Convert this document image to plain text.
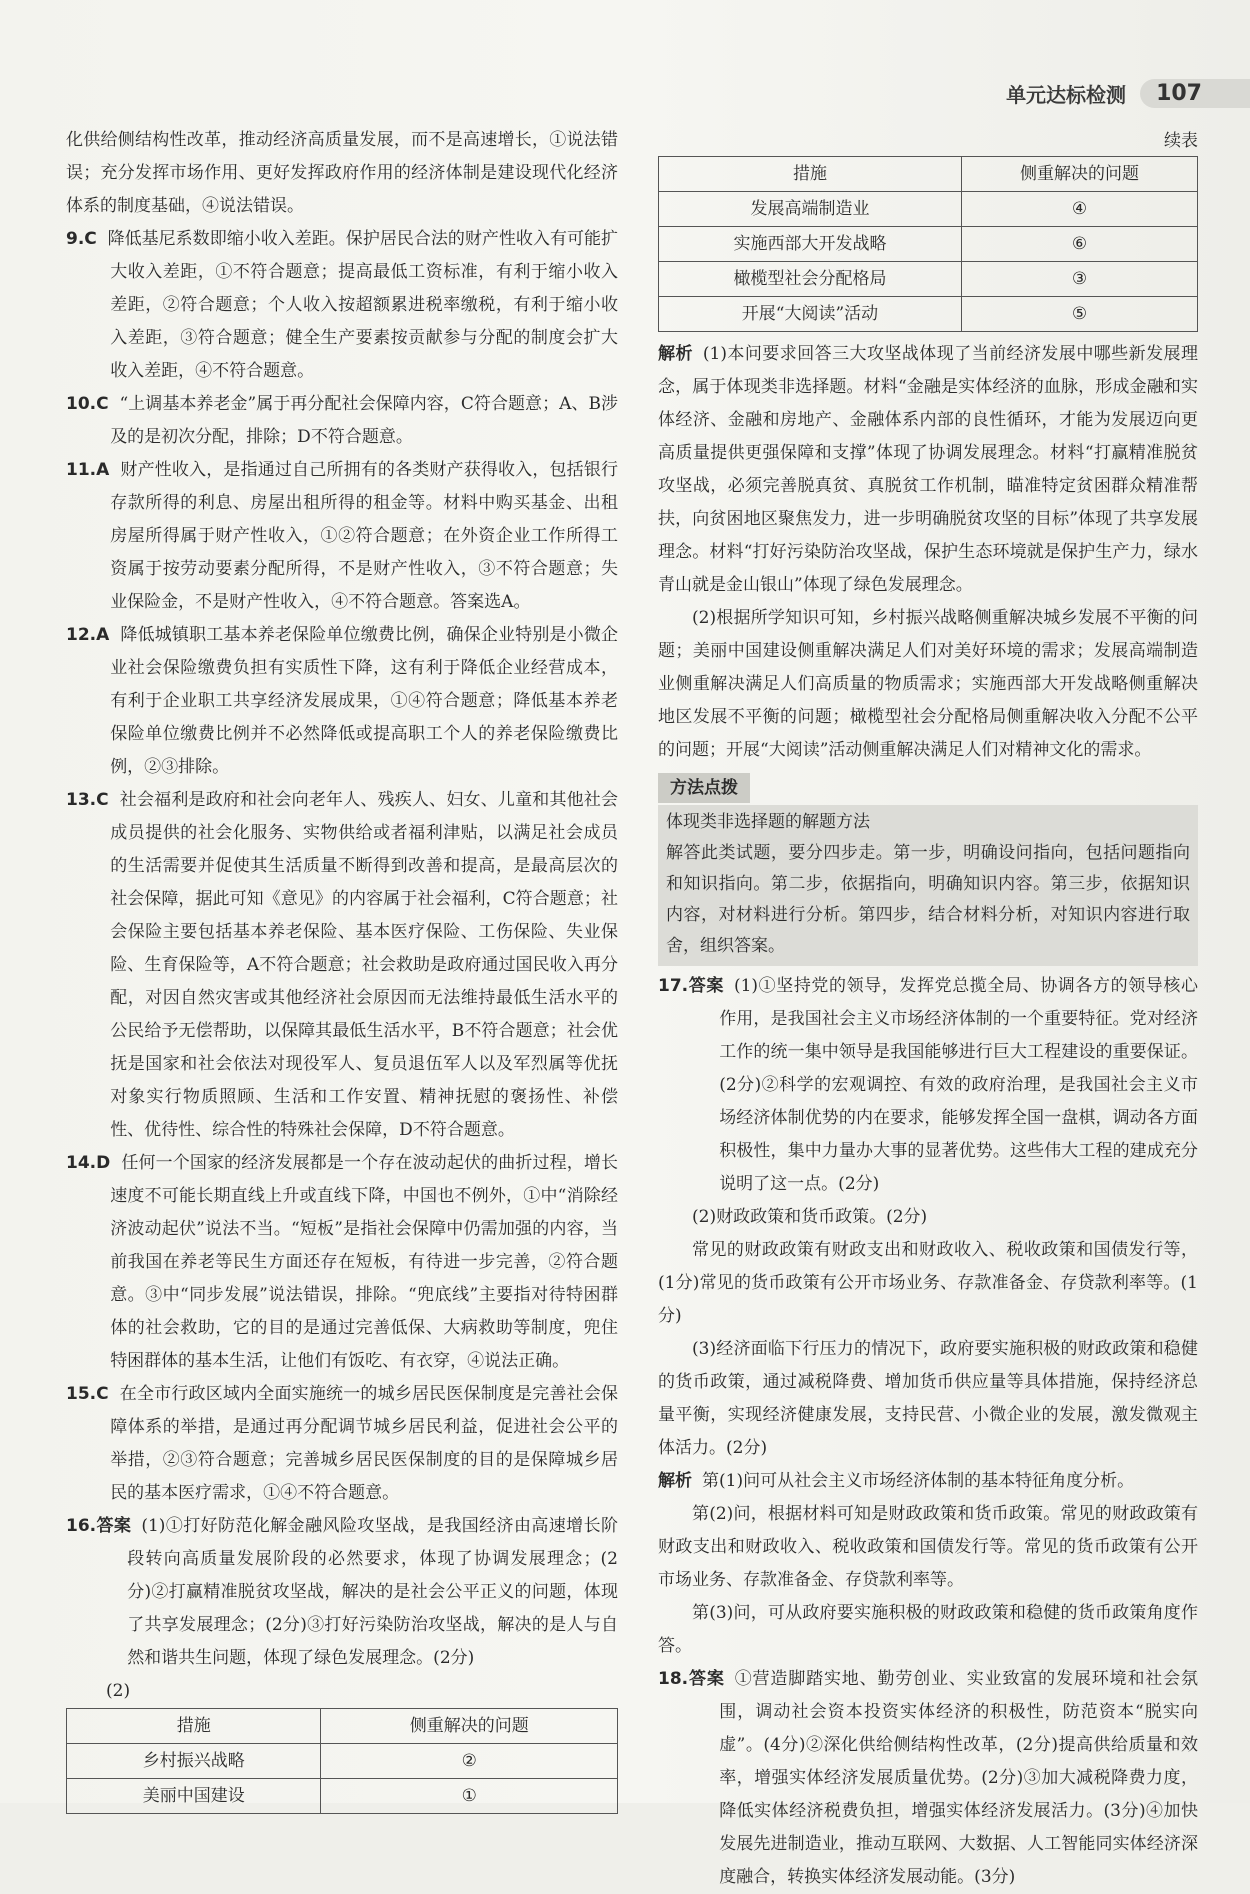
单元达标检测	107

化供给侧结构性改革，推动经济高质量发展，而不是高速增长，①说法错误；充分发挥市场作用、更好发挥政府作用的经济体制是建设现代化经济体系的制度基础，④说法错误。

9.C 降低基尼系数即缩小收入差距。保护居民合法的财产性收入有可能扩大收入差距，①不符合题意；提高最低工资标准，有利于缩小收入差距，②符合题意；个人收入按超额累进税率缴税，有利于缩小收入差距，③符合题意；健全生产要素按贡献参与分配的制度会扩大收入差距，④不符合题意。

10.C “上调基本养老金”属于再分配社会保障内容，C符合题意；A、B涉及的是初次分配，排除；D不符合题意。

11.A 财产性收入，是指通过自己所拥有的各类财产获得收入，包括银行存款所得的利息、房屋出租所得的租金等。材料中购买基金、出租房屋所得属于财产性收入，①②符合题意；在外资企业工作所得工资属于按劳动要素分配所得，不是财产性收入，③不符合题意；失业保险金，不是财产性收入，④不符合题意。答案选A。

12.A 降低城镇职工基本养老保险单位缴费比例，确保企业特别是小微企业社会保险缴费负担有实质性下降，这有利于降低企业经营成本，有利于企业职工共享经济发展成果，①④符合题意；降低基本养老保险单位缴费比例并不必然降低或提高职工个人的养老保险缴费比例，②③排除。

13.C 社会福利是政府和社会向老年人、残疾人、妇女、儿童和其他社会成员提供的社会化服务、实物供给或者福利津贴，以满足社会成员的生活需要并促使其生活质量不断得到改善和提高，是最高层次的社会保障，据此可知《意见》的内容属于社会福利，C符合题意；社会保险主要包括基本养老保险、基本医疗保险、工伤保险、失业保险、生育保险等，A不符合题意；社会救助是政府通过国民收入再分配，对因自然灾害或其他经济社会原因而无法维持最低生活水平的公民给予无偿帮助，以保障其最低生活水平，B不符合题意；社会优抚是国家和社会依法对现役军人、复员退伍军人以及军烈属等优抚对象实行物质照顾、生活和工作安置、精神抚慰的褒扬性、补偿性、优待性、综合性的特殊社会保障，D不符合题意。

14.D 任何一个国家的经济发展都是一个存在波动起伏的曲折过程，增长速度不可能长期直线上升或直线下降，中国也不例外，①中“消除经济波动起伏”说法不当。“短板”是指社会保障中仍需加强的内容，当前我国在养老等民生方面还存在短板，有待进一步完善，②符合题意。③中“同步发展”说法错误，排除。“兜底线”主要指对待特困群体的社会救助，它的目的是通过完善低保、大病救助等制度，兜住特困群体的基本生活，让他们有饭吃、有衣穿，④说法正确。

15.C 在全市行政区域内全面实施统一的城乡居民医保制度是完善社会保障体系的举措，是通过再分配调节城乡居民利益，促进社会公平的举措，②③符合题意；完善城乡居民医保制度的目的是保障城乡居民的基本医疗需求，①④不符合题意。

16.答案 (1)①打好防范化解金融风险攻坚战，是我国经济由高速增长阶段转向高质量发展阶段的必然要求，体现了协调发展理念；(2分)②打赢精准脱贫攻坚战，解决的是社会公平正义的问题，体现了共享发展理念；(2分)③打好污染防治攻坚战，解决的是人与自然和谐共生问题，体现了绿色发展理念。(2分)

(2)

措施	侧重解决的问题
乡村振兴战略	②
美丽中国建设	①

续表

措施	侧重解决的问题
发展高端制造业	④
实施西部大开发战略	⑥
橄榄型社会分配格局	③
开展“大阅读”活动	⑤

解析 (1)本问要求回答三大攻坚战体现了当前经济发展中哪些新发展理念，属于体现类非选择题。材料“金融是实体经济的血脉，形成金融和实体经济、金融和房地产、金融体系内部的良性循环，才能为发展迈向更高质量提供更强保障和支撑”体现了协调发展理念。材料“打赢精准脱贫攻坚战，必须完善脱真贫、真脱贫工作机制，瞄准特定贫困群众精准帮扶，向贫困地区聚焦发力，进一步明确脱贫攻坚的目标”体现了共享发展理念。材料“打好污染防治攻坚战，保护生态环境就是保护生产力，绿水青山就是金山银山”体现了绿色发展理念。

(2)根据所学知识可知，乡村振兴战略侧重解决城乡发展不平衡的问题；美丽中国建设侧重解决满足人们对美好环境的需求；发展高端制造业侧重解决满足人们高质量的物质需求；实施西部大开发战略侧重解决地区发展不平衡的问题；橄榄型社会分配格局侧重解决收入分配不公平的问题；开展“大阅读”活动侧重解决满足人们对精神文化的需求。

方法点拨

体现类非选择题的解题方法

解答此类试题，要分四步走。第一步，明确设问指向，包括问题指向和知识指向。第二步，依据指向，明确知识内容。第三步，依据知识内容，对材料进行分析。第四步，结合材料分析，对知识内容进行取舍，组织答案。

17.答案 (1)①坚持党的领导，发挥党总揽全局、协调各方的领导核心作用，是我国社会主义市场经济体制的一个重要特征。党对经济工作的统一集中领导是我国能够进行巨大工程建设的重要保证。(2分)②科学的宏观调控、有效的政府治理，是我国社会主义市场经济体制优势的内在要求，能够发挥全国一盘棋，调动各方面积极性，集中力量办大事的显著优势。这些伟大工程的建成充分说明了这一点。(2分)

(2)财政政策和货币政策。(2分)

常见的财政政策有财政支出和财政收入、税收政策和国债发行等，(1分)常见的货币政策有公开市场业务、存款准备金、存贷款利率等。(1分)

(3)经济面临下行压力的情况下，政府要实施积极的财政政策和稳健的货币政策，通过减税降费、增加货币供应量等具体措施，保持经济总量平衡，实现经济健康发展，支持民营、小微企业的发展，激发微观主体活力。(2分)

解析 第(1)问可从社会主义市场经济体制的基本特征角度分析。

第(2)问，根据材料可知是财政政策和货币政策。常见的财政政策有财政支出和财政收入、税收政策和国债发行等。常见的货币政策有公开市场业务、存款准备金、存贷款利率等。

第(3)问，可从政府要实施积极的财政政策和稳健的货币政策角度作答。

18.答案 ①营造脚踏实地、勤劳创业、实业致富的发展环境和社会氛围，调动社会资本投资实体经济的积极性，防范资本“脱实向虚”。(4分)②深化供给侧结构性改革，(2分)提高供给质量和效率，增强实体经济发展质量优势。(2分)③加大减税降费力度，降低实体经济税费负担，增强实体经济发展活力。(3分)④加快发展先进制造业，推动互联网、大数据、人工智能同实体经济深度融合，转换实体经济发展动能。(3分)
